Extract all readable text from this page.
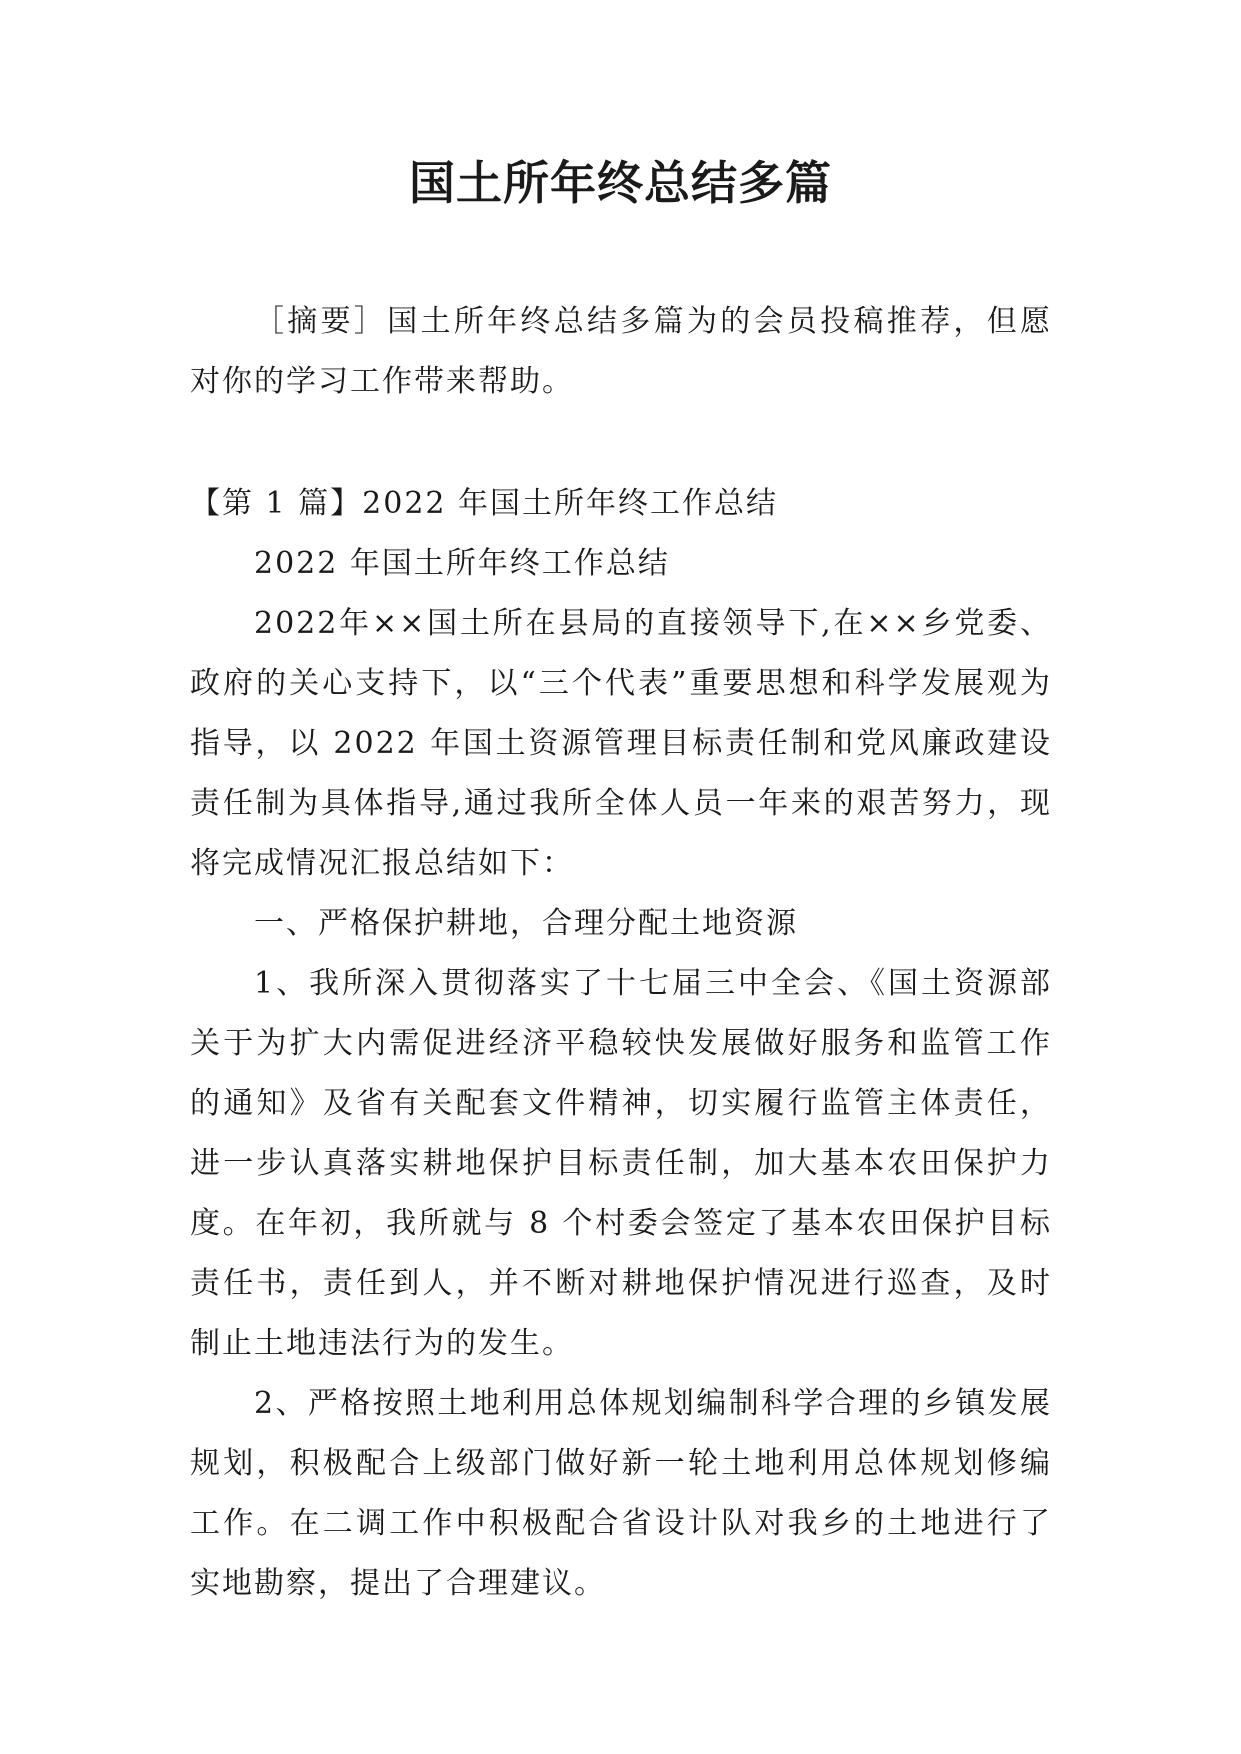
国土所年终总结多篇

［摘要］国土所年终总结多篇为的会员投稿推荐，但愿对你的学习工作带来帮助。

【第 1 篇】2022 年国土所年终工作总结

2022 年国土所年终工作总结

2022年××国土所在县局的直接领导下,在××乡党委、政府的关心支持下，以“三个代表”重要思想和科学发展观为指导，以 2022 年国土资源管理目标责任制和党风廉政建设责任制为具体指导,通过我所全体人员一年来的艰苦努力，现将完成情况汇报总结如下：

一、严格保护耕地，合理分配土地资源

1、我所深入贯彻落实了十七届三中全会、《国土资源部关于为扩大内需促进经济平稳较快发展做好服务和监管工作的通知》及省有关配套文件精神，切实履行监管主体责任，进一步认真落实耕地保护目标责任制，加大基本农田保护力度。在年初，我所就与 8 个村委会签定了基本农田保护目标责任书，责任到人，并不断对耕地保护情况进行巡查，及时制止土地违法行为的发生。

2、严格按照土地利用总体规划编制科学合理的乡镇发展规划，积极配合上级部门做好新一轮土地利用总体规划修编工作。在二调工作中积极配合省设计队对我乡的土地进行了实地勘察，提出了合理建议。
